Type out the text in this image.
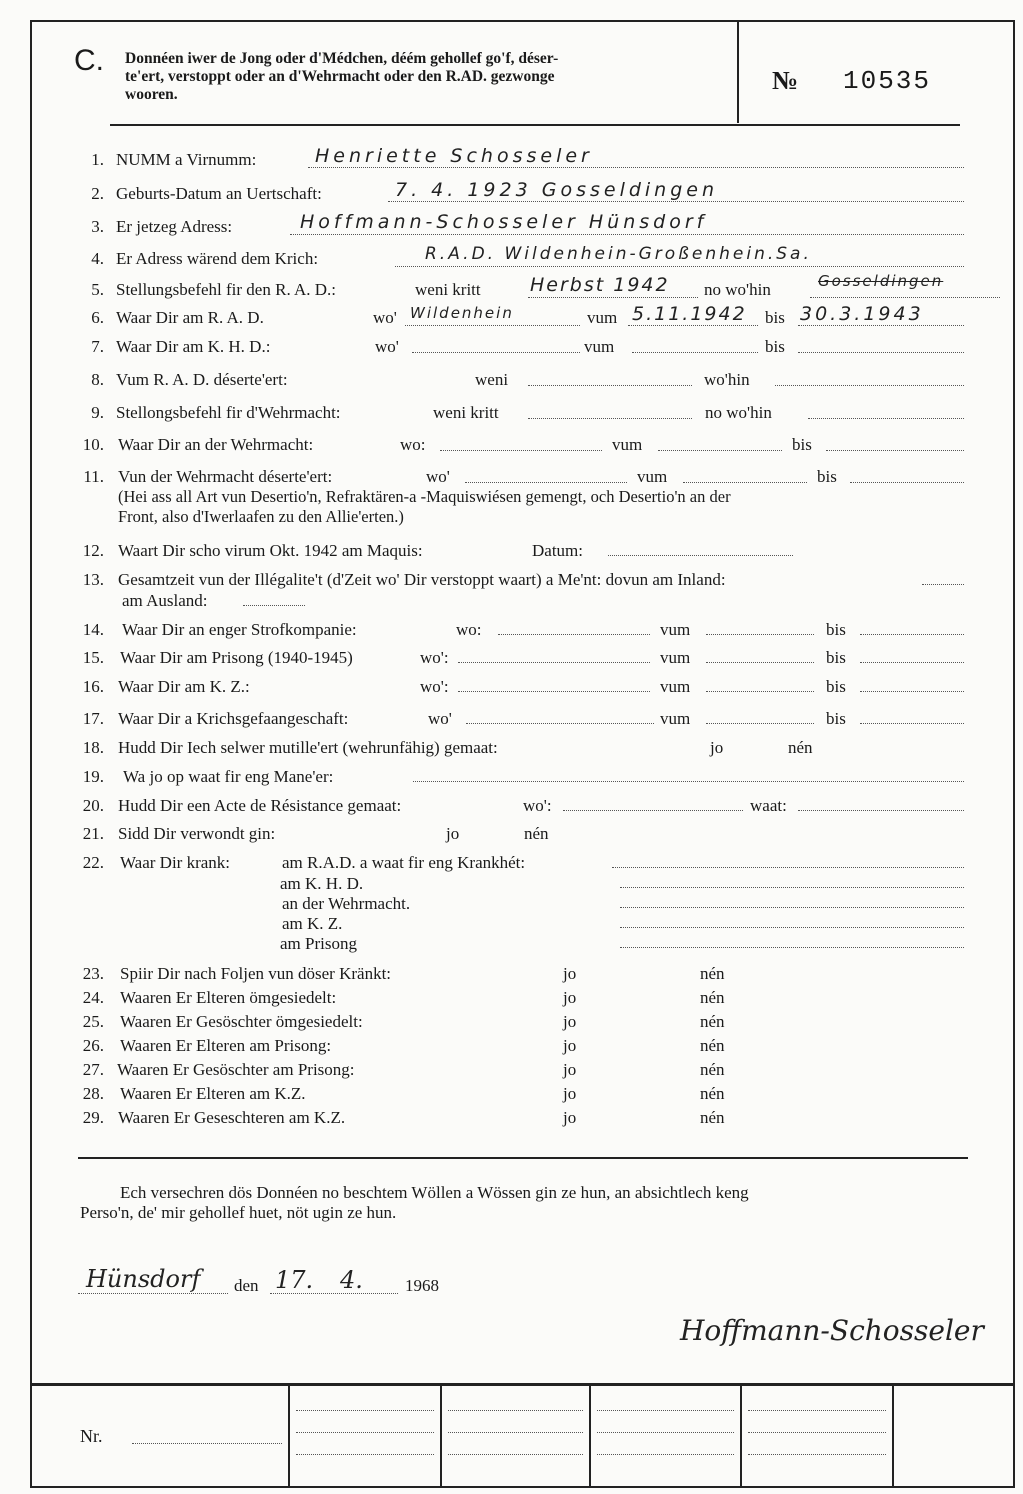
C. Donnéen iwer de Jong oder d'Médchen, déém gehollef go'f, déser-
te'ert, verstoppt oder an d'Wehrmacht oder den R.AD. gezwonge
wooren.	№ 10535
1. NUMM a Virnumm:	Henriette Schosseler
2. Geburts-Datum an Uertschaft:	7. 4. 1923 Gosseldingen
3. Er jetzeg Adress:	Hoffmann-Schosseler Hünsdorf
4. Er Adress wärend dem Krich:	R.A.D. Wildenhein-Großenhein.Sa.
5. Stellungsbefehl fir den R. A. D.:	weni kritt	Herbst 1942 no wo'hin	Gosseldingen
6. Waar Dir am R. A. D.	wo' Wildenhein	vum 5.11.1942 bis 30.3.1943
7. Waar Dir am K. H. D.:	wo'	vum	bis
8. Vum R. A. D. déserte'ert:	weni	wo'hin
9. Stellongsbefehl fir d'Wehrmacht:	weni kritt	no wo'hin
10. Waar Dir an der Wehrmacht:	wo:	vum	bis
11. Vun der Wehrmacht déserte'ert:	wo'	vum	bis
(Hei ass all Art vun Desertio'n, Refraktären-a -Maquiswiésen gemengt, och Desertio'n an der
Front, also d'Iwerlaafen zu den Allie'erten.)
12. Waart Dir scho virum Okt. 1942 am Maquis:	Datum:
13. Gesamtzeit vun der Illégalite't (d'Zeit wo' Dir verstoppt waart) a Me'nt: dovun am Inland:
am Ausland:
14. Waar Dir an enger Strofkompanie:	wo:	vum	bis
15. Waar Dir am Prisong (1940-1945)	wo':	vum	bis
16. Waar Dir am K. Z.:	wo':	vum	bis
17. Waar Dir a Krichsgefaangeschaft:	wo'	vum	bis
18. Hudd Dir Iech selwer mutille'ert (wehrunfähig) gemaat:	jo	nén
19. Wa jo op waat fir eng Mane'er:
20. Hudd Dir een Acte de Résistance gemaat:	wo':	waat:
21. Sidd Dir verwondt gin:	jo	nén
22. Waar Dir krank:	am R.A.D. a waat fir eng Krankhét:
am K. H. D.
an der Wehrmacht.
am K. Z.
am Prisong
23. Spiir Dir nach Foljen vun döser Kränkt:	jo	nén
24. Waaren Er Elteren ömgesiedelt:	jo	nén
25. Waaren Er Gesöschter ömgesiedelt:	jo	nén
26. Waaren Er Elteren am Prisong:	jo	nén
27. Waaren Er Gesöschter am Prisong:	jo	nén
28. Waaren Er Elteren am K.Z.	jo	nén
29. Waaren Er Geseschteren am K.Z.	jo	nén
Ech versechren dös Donnéen no beschtem Wöllen a Wössen gin ze hun, an absichtlech keng
Perso'n, de' mir gehollef huet, nöt ugin ze hun.
Hünsdorf den 17. 4. 1968
Hoffmann-Schosseler
Nr.
